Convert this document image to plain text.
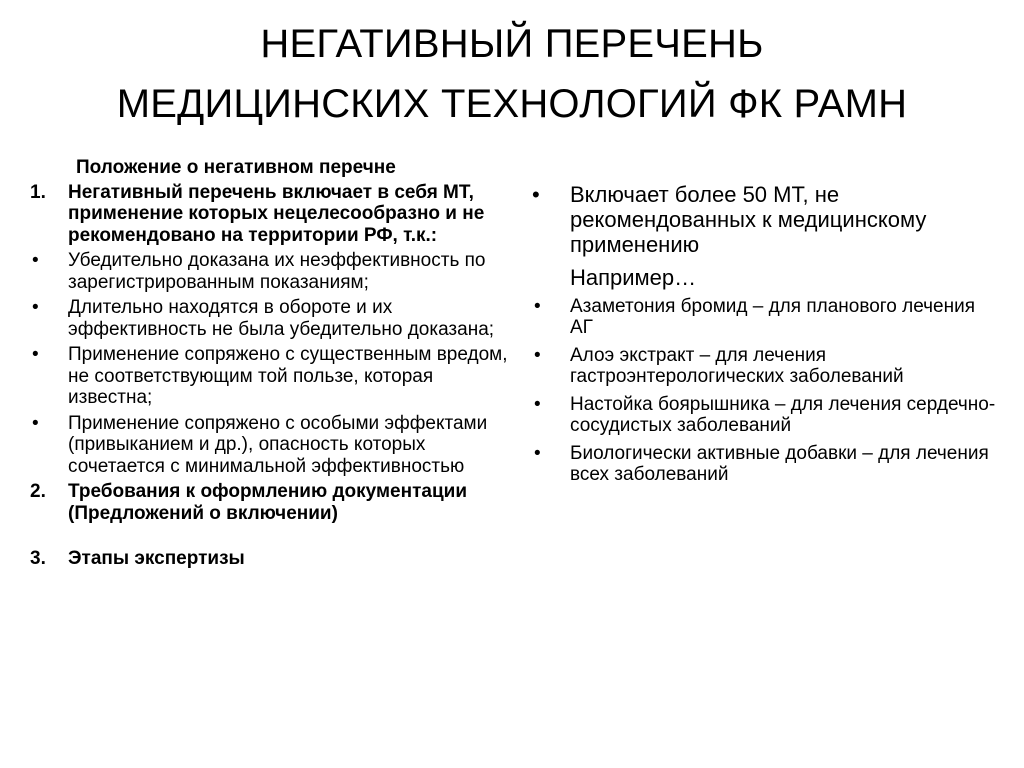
НЕГАТИВНЫЙ ПЕРЕЧЕНЬ
МЕДИЦИНСКИХ ТЕХНОЛОГИЙ ФК РАМН
Положение о негативном перечне
1. Негативный перечень включает в себя МТ, применение которых нецелесообразно и не рекомендовано на территории РФ, т.к.:
• Убедительно доказана их неэффективность по зарегистрированным показаниям;
• Длительно находятся в обороте и их эффективность не была убедительно доказана;
• Применение сопряжено с существенным вредом, не соответствующим той пользе, которая известна;
• Применение сопряжено с особыми эффектами (привыканием и др.), опасность которых сочетается с минимальной эффективностью
2. Требования к оформлению документации (Предложений о включении)
3. Этапы экспертизы
• Включает более 50 МТ, не рекомендованных к медицинскому применению
Например…
• Азаметония бромид – для планового лечения АГ
• Алоэ экстракт – для лечения гастроэнтерологических заболеваний
• Настойка боярышника – для лечения сердечно-сосудистых заболеваний
• Биологически активные добавки – для лечения всех заболеваний
